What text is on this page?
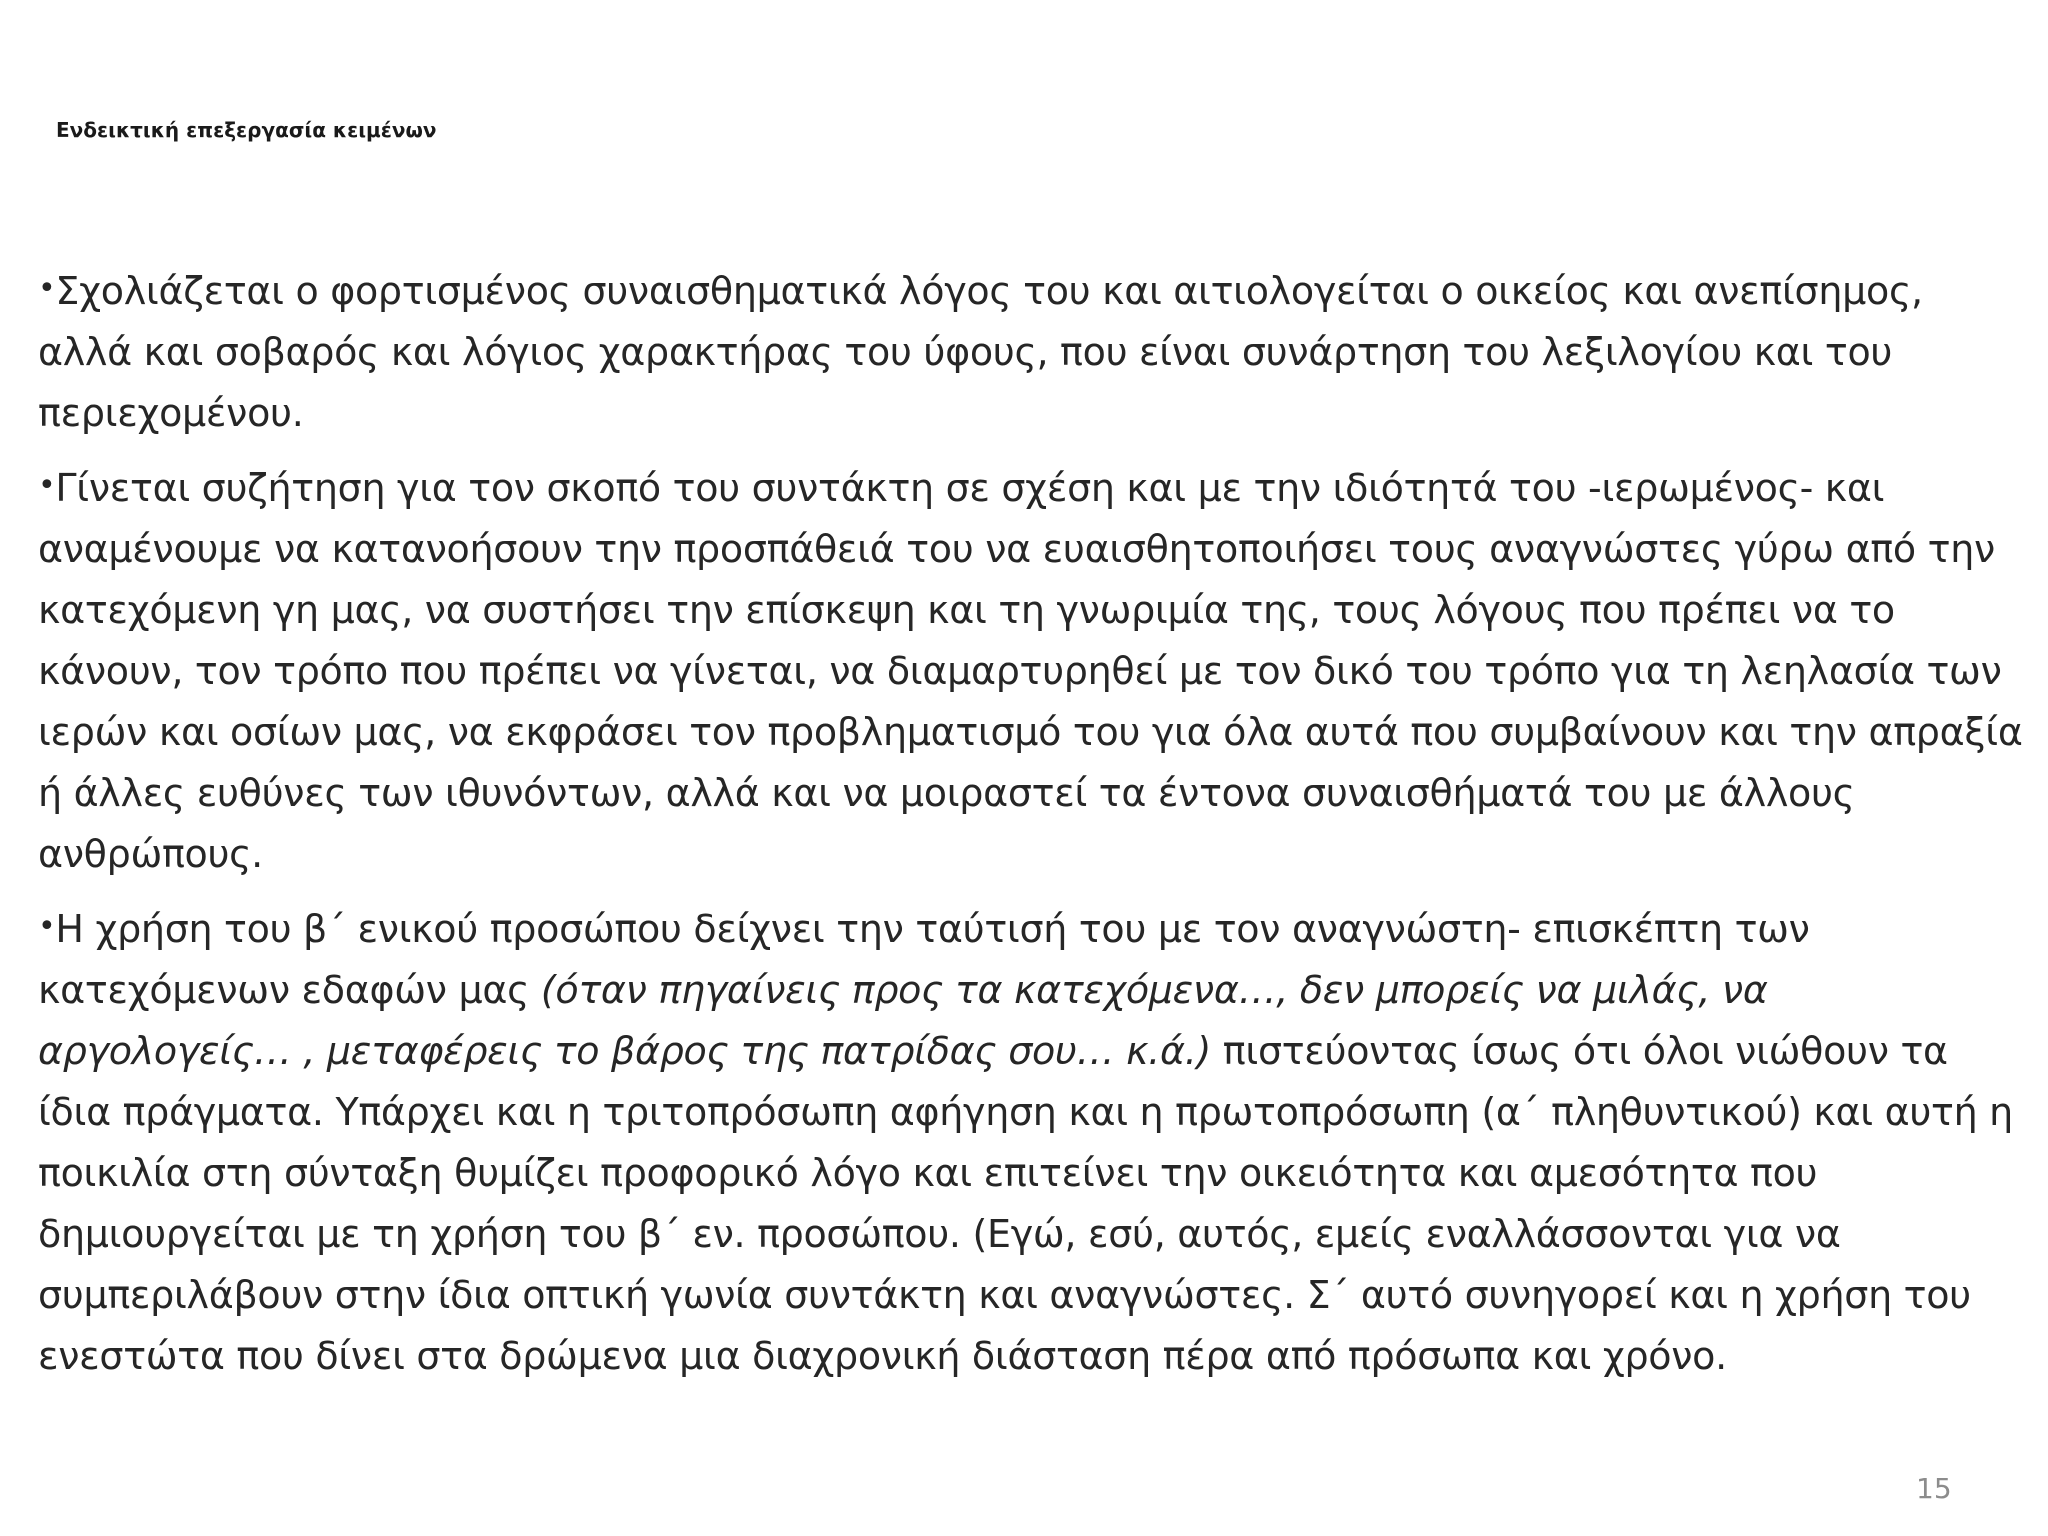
Ενδεικτική επεξεργασία κειμένων

•Σχολιάζεται ο φορτισμένος συναισθηματικά λόγος του και αιτιολογείται ο οικείος και ανεπίσημος, αλλά και σοβαρός και λόγιος χαρακτήρας του ύφους, που είναι συνάρτηση του λεξιλογίου και του περιεχομένου.

•Γίνεται συζήτηση για τον σκοπό του συντάκτη σε σχέση και με την ιδιότητά του -ιερωμένος- και αναμένουμε να κατανοήσουν την προσπάθειά του να ευαισθητοποιήσει τους αναγνώστες γύρω από την κατεχόμενη γη μας, να συστήσει την επίσκεψη και τη γνωριμία της, τους λόγους που πρέπει να το κάνουν, τον τρόπο που πρέπει να γίνεται, να διαμαρτυρηθεί με τον δικό του τρόπο για τη λεηλασία των ιερών και οσίων μας, να εκφράσει τον προβληματισμό του για όλα αυτά που συμβαίνουν και την απραξία ή άλλες ευθύνες των ιθυνόντων, αλλά και να μοιραστεί τα έντονα συναισθήματά του με άλλους ανθρώπους.

•Η χρήση του β΄ ενικού προσώπου δείχνει την ταύτισή του με τον αναγνώστη- επισκέπτη των κατεχόμενων εδαφών μας (όταν πηγαίνεις προς τα κατεχόμενα…, δεν μπορείς να μιλάς, να αργολογείς… , μεταφέρεις το βάρος της πατρίδας σου… κ.ά.) πιστεύοντας ίσως ότι όλοι νιώθουν τα ίδια πράγματα. Υπάρχει και η τριτοπρόσωπη αφήγηση και η πρωτοπρόσωπη (α΄ πληθυντικού) και αυτή η ποικιλία στη σύνταξη θυμίζει προφορικό λόγο και επιτείνει την οικειότητα και αμεσότητα που δημιουργείται με τη χρήση του β΄ εν. προσώπου. (Εγώ, εσύ, αυτός, εμείς εναλλάσσονται για να συμπεριλάβουν στην ίδια οπτική γωνία συντάκτη και αναγνώστες. Σ΄ αυτό συνηγορεί και η χρήση του ενεστώτα που δίνει στα δρώμενα μια διαχρονική διάσταση πέρα από πρόσωπα και χρόνο.

15
